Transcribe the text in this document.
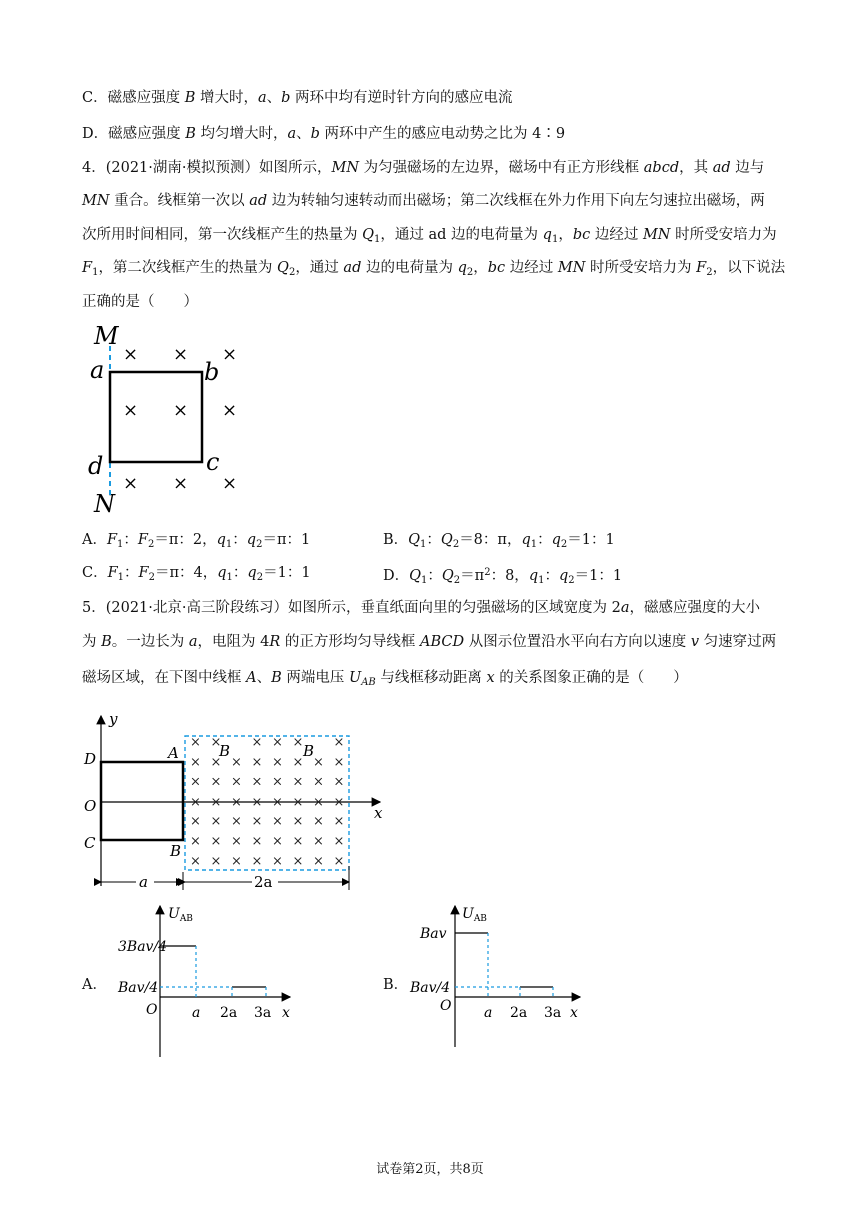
C．磁感应强度 B 增大时，a、b 两环中均有逆时针方向的感应电流
D．磁感应强度 B 均匀增大时，a、b 两环中产生的感应电动势之比为 4∶9
4．(2021·湖南·模拟预测）如图所示，MN 为匀强磁场的左边界，磁场中有正方形线框 abcd，其 ad 边与
MN 重合。线框第一次以 ad 边为转轴匀速转动而出磁场；第二次线框在外力作用下向左匀速拉出磁场，两
次所用时间相同，第一次线框产生的热量为 $Q_1$，通过 ad 边的电荷量为 $q_1$，bc 边经过 MN 时所受安培力为
$F_1$，第二次线框产生的热量为 $Q_2$，通过 ad 边的电荷量为 $q_2$，bc 边经过 MN 时所受安培力为 $F_2$，以下说法
正确的是（　　）
M
a	b
d	c
N
× × ×
× × ×
× × ×
A．$F_1$：$F_2=\pi$：2，$q_1$：$q_2=\pi$：1	B．$Q_1$：$Q_2=8$：π，$q_1$：$q_2=1$：1
C．$F_1$：$F_2=\pi$：4，$q_1$：$q_2=1$：1	D．$Q_1$：$Q_2=\pi^2$：8，$q_1$：$q_2=1$：1
5．(2021·北京·高三阶段练习）如图所示，垂直纸面向里的匀强磁场的区域宽度为 2a，磁感应强度的大小
为 B。一边长为 a，电阻为 4R 的正方形均匀导线框 ABCD 从图示位置沿水平向右方向以速度 v 匀速穿过两
磁场区域，在下图中线框 A、B 两端电压 $U_{AB}$ 与线框移动距离 x 的关系图象正确的是（　　）
y
x
D	A
O
C	B
B	B
× × × × × ×
× × × × × × × ×
× × × × × × × ×
× × × × × × × ×
× × × × × × × ×
× × × × × × × ×
× × × × × × × ×
a	2a
A．
$U_{AB}$
3Bav/4
Bav/4
O a 2a 3a x
B．
$U_{AB}$
Bav
Bav/4
O a 2a 3a x
试卷第2页，共8页
